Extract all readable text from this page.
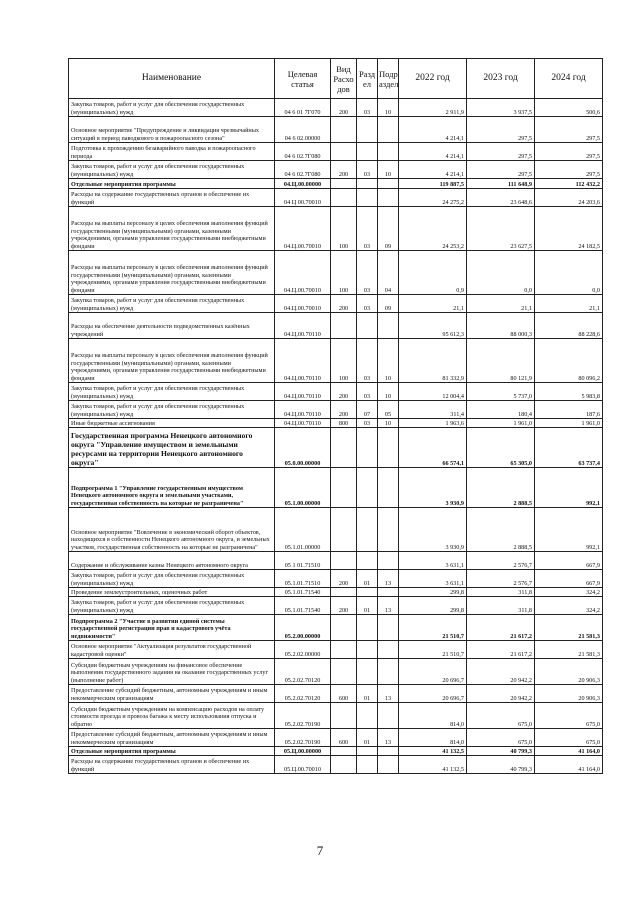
Наименование	Целевая статья	Вид Расхо дов	Разд ел	Подр аздел	2022 год	2023 год	2024 год
Закупка товаров, работ и услуг для обеспечения государственных (муниципальных) нужд	04 6 01 7Г070	200	03	10	2 911,9	3 937,5	500,6
Основное мероприятие "Предупреждение и ликвидация чрезвычайных ситуаций в период паводкового и пожароопасного сезона"	04 6 02.00000				4 214,1	297,5	297,5
Подготовка к прохождению безаварийного паводка и пожароопасного периода	04 6 02.7Г080				4 214,1	297,5	297,5
Закупка товаров, работ и услуг для обеспечения государственных (муниципальных) нужд	04 6 02.7Г080	200	03	10	4 214,1	297,5	297,5
Отдельные мероприятия программы	04.Ц.00.00000				119 887,5	111 648,9	112 432,2
Расходы на содержание государственных органов и обеспечение их функций	04 Ц 00.70010				24 275,2	23 648,6	24 203,6
Расходы на выплаты персоналу в целях обеспечения выполнения функций государственными (муниципальными) органами, казенными учреждениями, органами управления государственными внебюджетными фондами	04.Ц.00.70010	100	03	09	24 253,2	23 627,5	24 182,5
Расходы на выплаты персоналу в целях обеспечения выполнения функций государственными (муниципальными) органами, казенными учреждениями, органами управления государственными внебюджетными фондами	04.Ц.00.70010	100	03	04	0,9	0,0	0,0
Закупка товаров, работ и услуг для обеспечения государственных (муниципальных) нужд	04.Ц.00.70010	200	03	09	21,1	21,1	21,1
Расходы на обеспечение деятельности подведомственных казённых учреждений	04.Ц.00.70110				95 612,3	88 000,3	88 228,6
Расходы на выплаты персоналу в целях обеспечения выполнения функций государственными (муниципальными) органами, казенными учреждениями, органами управления государственными внебюджетными фондами	04.Ц.00.70110	100	03	10	81 332,9	80 121,9	80 096,2
Закупка товаров, работ и услуг для обеспечения государственных (муниципальных) нужд	04.Ц.00.70110	200	03	10	12 004,4	5 737,0	5 983,8
Закупка товаров, работ и услуг для обеспечения государственных (муниципальных) нужд	04.Ц.00.70110	200	07	05	311,4	180,4	187,6
Иные бюджетные ассигнования	04.Ц.00.70110	800	03	10	1 963,6	1 961,0	1 961,0
Государственная программа Ненецкого автономного округа "Управление имуществом и земельными ресурсами на территории Ненецкого автономного округа"	05.0.00.00000				66 574,1	65 305,0	63 737,4
Подпрограмма 1 "Управление государственным имуществом Ненецкого автономного округа и земельными участками, государственная собственность на которые не разграничена"	05.1.00.00000				3 930,9	2 888,5	992,1
Основное мероприятие "Вовлечение в экономический оборот объектов, находящихся в собственности Ненецкого автономного округа, и земельных участков, государственная собственность на которые не разграничена"	05.1.01.00000				3 930,9	2 888,5	992,1
Содержание и обслуживание казны Ненецкого автономного округа	05 1 01.71510				3 631,1	2 576,7	667,9
Закупка товаров, работ и услуг для обеспечения государственных (муниципальных) нужд	05.1.01.71510	200	01	13	3 631,1	2 576,7	667,9
Проведение землеустроительных, оценочных работ	05.1.01.71540				299,8	311,8	324,2
Закупка товаров, работ и услуг для обеспечения государственных (муниципальных) нужд	05.1.01.71540	200	01	13	299,8	311,8	324,2
Подпрограмма 2 "Участие в развитии единой системы государственной регистрации прав и кадастрового учёта недвижимости"	05.2.00.00000				21 510,7	21 617,2	21 581,3
Основное мероприятие "Актуализация результатов государственной кадастровой оценки"	05.2.02.00000				21 510,7	21 617,2	21 581,3
Субсидии бюджетным учреждениям на финансовое обеспечение выполнения государственного задания на оказание государственных услуг (выполнение работ)	05.2.02.70120				20 696,7	20 942,2	20 906,3
Предоставление субсидий бюджетным, автономным учреждениям и иным некоммерческим организациям	05.2.02.70120	600	01	13	20 696,7	20 942,2	20 906,3
Субсидии бюджетным учреждениям на компенсацию расходов на оплату стоимости проезда и провоза багажа к месту использования отпуска и обратно	05.2.02.70190				814,0	675,0	675,0
Предоставление субсидий бюджетным, автономным учреждениям и иным некоммерческим организациям	05.2.02.70190	600	01	13	814,0	675,0	675,0
Отдельные мероприятия программы	05.Ц.00.00000				41 132,5	40 799,3	41 164,0
Расходы на содержание государственных органов и обеспечение их функций	05.Ц.00.70010				41 132,5	40 799,3	41 164,0
7
